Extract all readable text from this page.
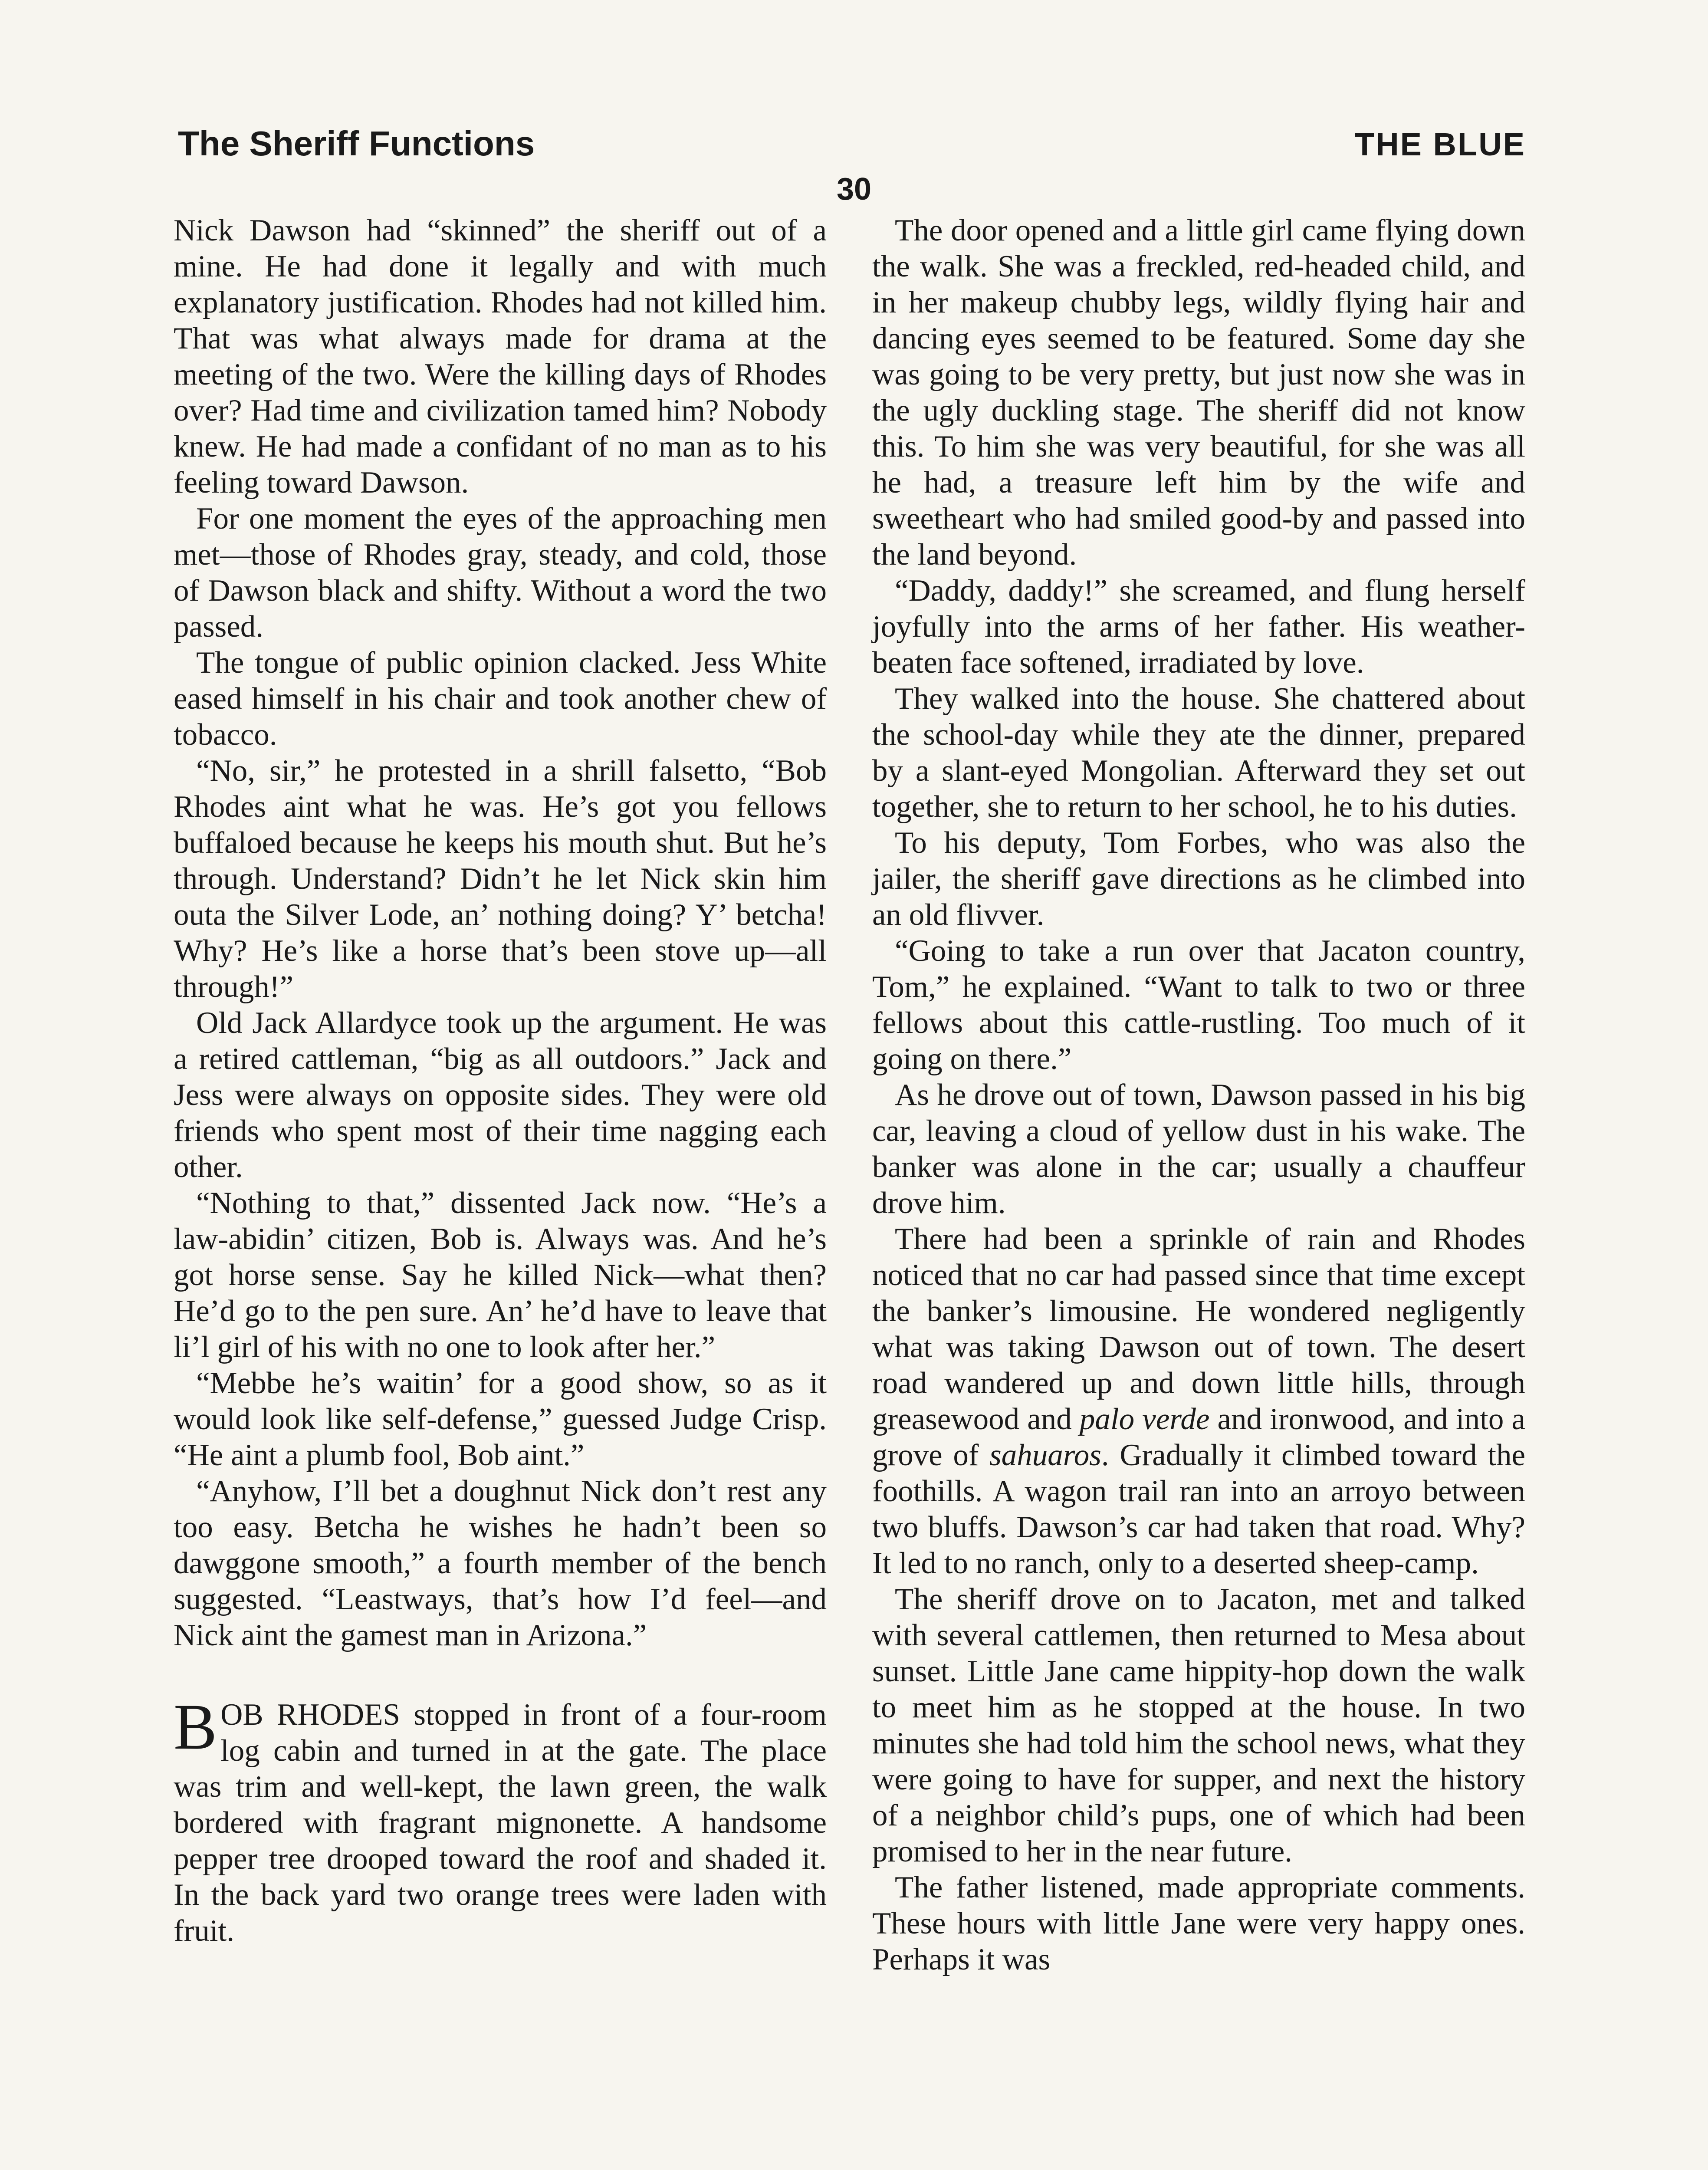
The Sheriff Functions	THE BLUE
30

Nick Dawson had “skinned” the sheriff out of a mine. He had done it legally and with much explanatory justification. Rhodes had not killed him. That was what always made for drama at the meeting of the two. Were the killing days of Rhodes over? Had time and civilization tamed him? Nobody knew. He had made a confidant of no man as to his feeling toward Dawson.

For one moment the eyes of the approaching men met—those of Rhodes gray, steady, and cold, those of Dawson black and shifty. Without a word the two passed.

The tongue of public opinion clacked. Jess White eased himself in his chair and took another chew of tobacco.

“No, sir,” he protested in a shrill falsetto, “Bob Rhodes aint what he was. He’s got you fellows buffaloed because he keeps his mouth shut. But he’s through. Understand? Didn’t he let Nick skin him outa the Silver Lode, an’ nothing doing? Y’ betcha! Why? He’s like a horse that’s been stove up—all through!”

Old Jack Allardyce took up the argument. He was a retired cattleman, “big as all outdoors.” Jack and Jess were always on opposite sides. They were old friends who spent most of their time nagging each other.

“Nothing to that,” dissented Jack now. “He’s a law-abidin’ citizen, Bob is. Always was. And he’s got horse sense. Say he killed Nick—what then? He’d go to the pen sure. An’ he’d have to leave that li’l girl of his with no one to look after her.”

“Mebbe he’s waitin’ for a good show, so as it would look like self-defense,” guessed Judge Crisp. “He aint a plumb fool, Bob aint.”

“Anyhow, I’ll bet a doughnut Nick don’t rest any too easy. Betcha he wishes he hadn’t been so dawggone smooth,” a fourth member of the bench suggested. “Leastways, that’s how I’d feel—and Nick aint the gamest man in Arizona.”

BOB RHODES stopped in front of a four-room log cabin and turned in at the gate. The place was trim and well-kept, the lawn green, the walk bordered with fragrant mignonette. A handsome pepper tree drooped toward the roof and shaded it. In the back yard two orange trees were laden with fruit.

The door opened and a little girl came flying down the walk. She was a freckled, red-headed child, and in her makeup chubby legs, wildly flying hair and dancing eyes seemed to be featured. Some day she was going to be very pretty, but just now she was in the ugly duckling stage. The sheriff did not know this. To him she was very beautiful, for she was all he had, a treasure left him by the wife and sweetheart who had smiled good-by and passed into the land beyond.

“Daddy, daddy!” she screamed, and flung herself joyfully into the arms of her father. His weather-beaten face softened, irradiated by love.

They walked into the house. She chattered about the school-day while they ate the dinner, prepared by a slant-eyed Mongolian. Afterward they set out together, she to return to her school, he to his duties.

To his deputy, Tom Forbes, who was also the jailer, the sheriff gave directions as he climbed into an old flivver.

“Going to take a run over that Jacaton country, Tom,” he explained. “Want to talk to two or three fellows about this cattle-rustling. Too much of it going on there.”

As he drove out of town, Dawson passed in his big car, leaving a cloud of yellow dust in his wake. The banker was alone in the car; usually a chauffeur drove him.

There had been a sprinkle of rain and Rhodes noticed that no car had passed since that time except the banker’s limousine. He wondered negligently what was taking Dawson out of town. The desert road wandered up and down little hills, through greasewood and palo verde and ironwood, and into a grove of sahuaros. Gradually it climbed toward the foothills. A wagon trail ran into an arroyo between two bluffs. Dawson’s car had taken that road. Why? It led to no ranch, only to a deserted sheep-camp.

The sheriff drove on to Jacaton, met and talked with several cattlemen, then returned to Mesa about sunset. Little Jane came hippity-hop down the walk to meet him as he stopped at the house. In two minutes she had told him the school news, what they were going to have for supper, and next the history of a neighbor child’s pups, one of which had been promised to her in the near future.

The father listened, made appropriate comments. These hours with little Jane were very happy ones. Perhaps it was
